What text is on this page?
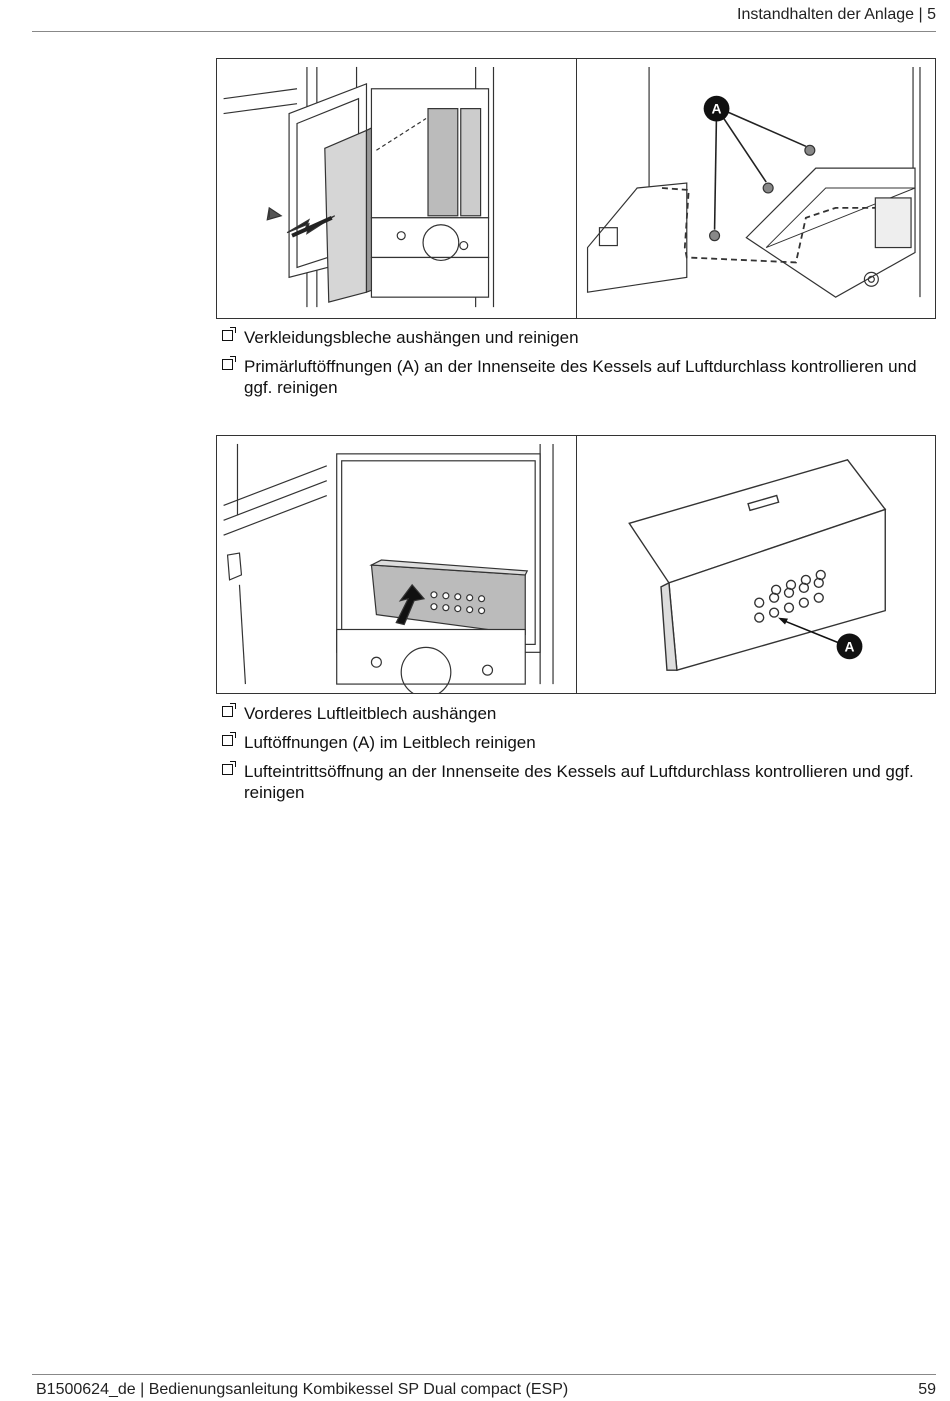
Instandhalten der Anlage | 5
A
Verkleidungsbleche aushängen und reinigen
Primärluftöffnungen (A) an der Innenseite des Kessels auf Luftdurchlass kontrollieren und ggf. reinigen
A
Vorderes Luftleitblech aushängen
Luftöffnungen (A) im Leitblech reinigen
Lufteintrittsöffnung an der Innenseite des Kessels auf Luftdurchlass kontrollieren und ggf. reinigen
B1500624_de | Bedienungsanleitung Kombikessel SP Dual compact (ESP)	59
